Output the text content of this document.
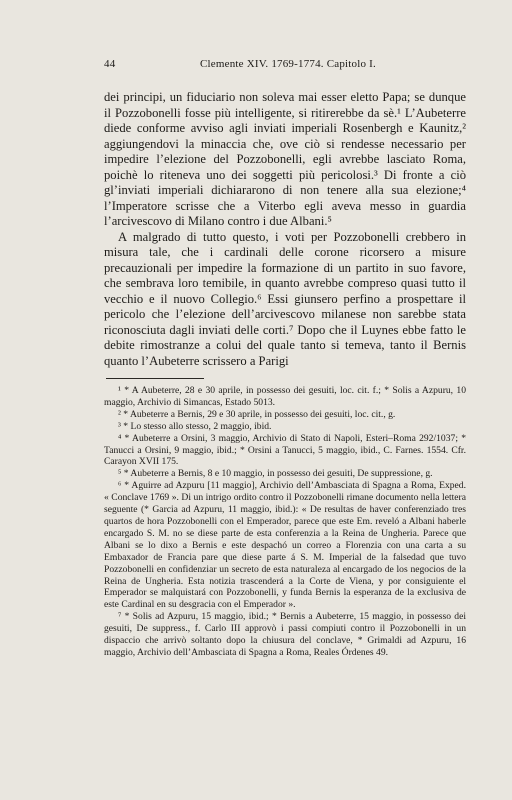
44	Clemente XIV. 1769-1774. Capitolo I.

dei principi, un fiduciario non soleva mai esser eletto Papa; se dunque il Pozzobonelli fosse più intelligente, si ritirerebbe da sè.¹ L’Aubeterre diede conforme avviso agli inviati imperiali Rosenbergh e Kaunitz,² aggiungendovi la minaccia che, ove ciò si rendesse necessario per impedire l’elezione del Pozzobonelli, egli avrebbe lasciato Roma, poichè lo riteneva uno dei soggetti più pericolosi.³ Di fronte a ciò gl’inviati imperiali dichiararono di non tenere alla sua elezione;⁴ l’Imperatore scrisse che a Viterbo egli aveva messo in guardia l’arcivescovo di Milano contro i due Albani.⁵

A malgrado di tutto questo, i voti per Pozzobonelli crebbero in misura tale, che i cardinali delle corone ricorsero a misure precauzionali per impedire la formazione di un partito in suo favore, che sembrava loro temibile, in quanto avrebbe compreso quasi tutto il vecchio e il nuovo Collegio.⁶ Essi giunsero perfino a prospettare il pericolo che l’elezione dell’arcivescovo milanese non sarebbe stata riconosciuta dagli inviati delle corti.⁷ Dopo che il Luynes ebbe fatto le debite rimostranze a colui del quale tanto si temeva, tanto il Bernis quanto l’Aubeterre scrissero a Parigi

¹ * A Aubeterre, 28 e 30 aprile, in possesso dei gesuiti, loc. cit. f.; * Solis a Azpuru, 10 maggio, Archivio di Simancas, Estado 5013.

² * Aubeterre a Bernis, 29 e 30 aprile, in possesso dei gesuiti, loc. cit., g.

³ * Lo stesso allo stesso, 2 maggio, ibid.

⁴ * Aubeterre a Orsini, 3 maggio, Archivio di Stato di Napoli, Esteri–Roma 292/1037; * Tanucci a Orsini, 9 maggio, ibid.; * Orsini a Tanucci, 5 maggio, ibid., C. Farnes. 1554. Cfr. Carayon XVII 175.

⁵ * Aubeterre a Bernis, 8 e 10 maggio, in possesso dei gesuiti, De suppressione, g.

⁶ * Aguirre ad Azpuru [11 maggio], Archivio dell’Ambasciata di Spagna a Roma, Exped. « Conclave 1769 ». Di un intrigo ordito contro il Pozzobonelli rimane documento nella lettera seguente (* Garcia ad Azpuru, 11 maggio, ibid.): « De resultas de haver conferenziado tres quartos de hora Pozzobonelli con el Emperador, parece que este Em. reveló a Albani haberle encargado S. M. no se diese parte de esta conferenzia a la Reina de Ungheria. Parece que Albani se lo dixo a Bernis e este despachó un correo a Florenzia con una carta a su Embaxador de Francia pare que diese parte á S. M. Imperial de la falsedad que tuvo Pozzobonelli en confidenziar un secreto de esta naturaleza al encargado de los negocios de la Reina de Ungheria. Esta notizia trascenderá a la Corte de Viena, y por consiguiente el Emperador se malquistará con Pozzobonelli, y funda Bernis la esperanza de la exclusiva de este Cardinal en su desgracia con el Emperador ».

⁷ * Solis ad Azpuru, 15 maggio, ibid.; * Bernis a Aubeterre, 15 maggio, in possesso dei gesuiti, De suppress., f. Carlo III approvò i passi compiuti contro il Pozzobonelli in un dispaccio che arrivò soltanto dopo la chiusura del conclave, * Grimaldi ad Azpuru, 16 maggio, Archivio dell’Ambasciata di Spagna a Roma, Reales Órdenes 49.
